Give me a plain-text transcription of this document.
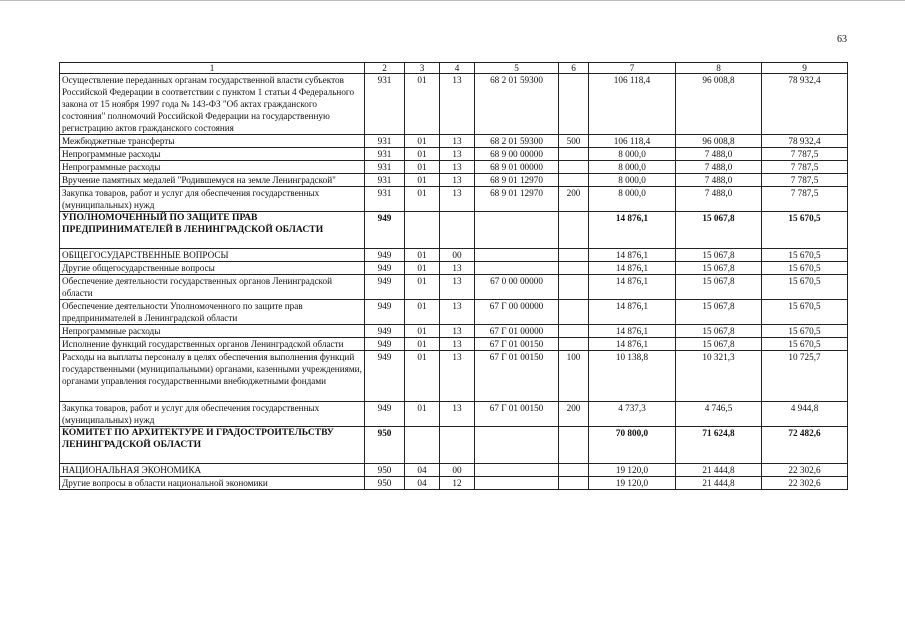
63
1	2	3	4	5	6	7	8	9
Осуществление переданных органам государственной власти субъектов Российской Федерации в соответствии с пунктом 1 статьи 4 Федерального закона от 15 ноября 1997 года № 143-ФЗ "Об актах гражданского состояния" полномочий Российской Федерации на государственную регистрацию актов гражданского состояния	931	01	13	68 2 01 59300		106 118,4	96 008,8	78 932,4
Межбюджетные трансферты	931	01	13	68 2 01 59300	500	106 118,4	96 008,8	78 932,4
Непрограммные расходы	931	01	13	68 9 00 00000		8 000,0	7 488,0	7 787,5
Непрограммные расходы	931	01	13	68 9 01 00000		8 000,0	7 488,0	7 787,5
Вручение памятных медалей "Родившемуся на земле Ленинградской"	931	01	13	68 9 01 12970		8 000,0	7 488,0	7 787,5
Закупка товаров, работ и услуг для обеспечения государственных (муниципальных) нужд	931	01	13	68 9 01 12970	200	8 000,0	7 488,0	7 787,5
УПОЛНОМОЧЕННЫЙ ПО ЗАЩИТЕ ПРАВ ПРЕДПРИНИМАТЕЛЕЙ В ЛЕНИНГРАДСКОЙ ОБЛАСТИ	949					14 876,1	15 067,8	15 670,5
ОБЩЕГОСУДАРСТВЕННЫЕ ВОПРОСЫ	949	01	00			14 876,1	15 067,8	15 670,5
Другие общегосударственные вопросы	949	01	13			14 876,1	15 067,8	15 670,5
Обеспечение деятельности государственных органов Ленинградской области	949	01	13	67 0 00 00000		14 876,1	15 067,8	15 670,5
Обеспечение деятельности Уполномоченного по защите прав предпринимателей в Ленинградской области	949	01	13	67 Г 00 00000		14 876,1	15 067,8	15 670,5
Непрограммные расходы	949	01	13	67 Г 01 00000		14 876,1	15 067,8	15 670,5
Исполнение функций государственных органов Ленинградской области	949	01	13	67 Г 01 00150		14 876,1	15 067,8	15 670,5
Расходы на выплаты персоналу в целях обеспечения выполнения функций государственными (муниципальными) органами, казенными учреждениями, органами управления государственными внебюджетными фондами	949	01	13	67 Г 01 00150	100	10 138,8	10 321,3	10 725,7
Закупка товаров, работ и услуг для обеспечения государственных (муниципальных) нужд	949	01	13	67 Г 01 00150	200	4 737,3	4 746,5	4 944,8
КОМИТЕТ ПО АРХИТЕКТУРЕ И ГРАДОСТРОИТЕЛЬСТВУ ЛЕНИНГРАДСКОЙ ОБЛАСТИ	950					70 800,0	71 624,8	72 482,6
НАЦИОНАЛЬНАЯ ЭКОНОМИКА	950	04	00			19 120,0	21 444,8	22 302,6
Другие вопросы в области национальной экономики	950	04	12			19 120,0	21 444,8	22 302,6
